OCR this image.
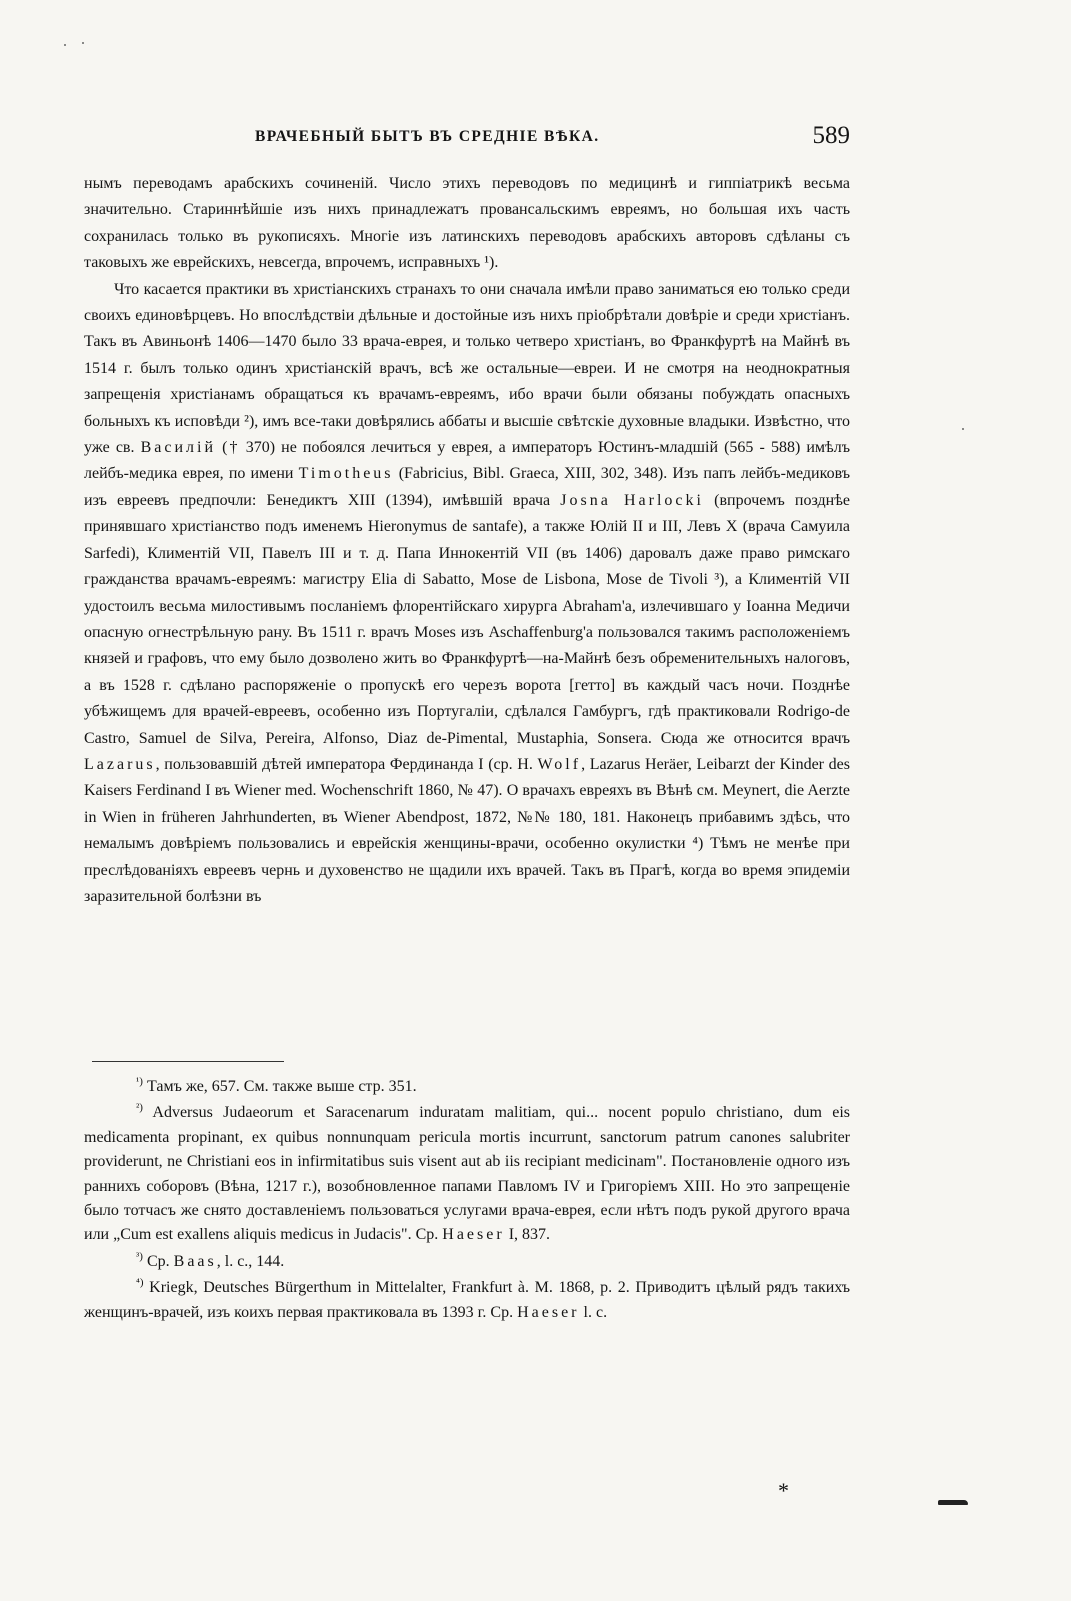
ВРАЧЕБНЫЙ БЫТЪ ВЪ СРЕДНІЕ ВѢКА.	589

нымъ переводамъ арабскихъ сочиненій. Число этихъ переводовъ по медицинѣ и гиппіатрикѣ весьма значительно. Стариннѣйшіе изъ нихъ принадлежатъ провансальскимъ евреямъ, но большая ихъ часть сохранилась только въ рукописяхъ. Многіе изъ латинскихъ переводовъ арабскихъ авторовъ сдѣланы съ таковыхъ же еврейскихъ, невсегда, впрочемъ, исправныхъ ¹).

Что касается практики въ христіанскихъ странахъ то они сначала имѣли право заниматься ею только среди своихъ единовѣрцевъ. Но впослѣдствіи дѣльные и достойные изъ нихъ пріобрѣтали довѣріе и среди христіанъ. Такъ въ Авиньонѣ 1406—1470 было 33 врача-еврея, и только четверо христіанъ, во Франкфуртѣ на Майнѣ въ 1514 г. былъ только одинъ христіанскій врачъ, всѣ же остальные—евреи. И не смотря на неоднократныя запрещенія христіанамъ обращаться къ врачамъ-евреямъ, ибо врачи были обязаны побуждать опасныхъ больныхъ къ исповѣди ²), имъ все-таки довѣрялись аббаты и высшіе свѣтскіе духовные владыки. Извѣстно, что уже св. Василій († 370) не побоялся лечиться у еврея, а императоръ Юстинъ-младшій (565 - 588) имѣлъ лейбъ-медика еврея, по имени Timotheus (Fabricius, Bibl. Graeca, XIII, 302, 348). Изъ папъ лейбъ-медиковъ изъ евреевъ предпочли: Бенедиктъ XIII (1394), имѣвшій врача Josna Harlocki (впрочемъ позднѣе принявшаго христіанство подъ именемъ Hieronymus de santafe), а также Юлій II и III, Левъ X (врача Самуила Sarfedi), Климентій VII, Павелъ III и т. д. Папа Иннокентій VII (въ 1406) даровалъ даже право римскаго гражданства врачамъ-евреямъ: магистру Elia di Sabatto, Mose de Lisbona, Mose de Tivoli ³), а Климентій VII удостоилъ весьма милостивымъ посланіемъ флорентійскаго хирурга Abraham'а, излечившаго у Іоанна Медичи опасную огнестрѣльную рану. Въ 1511 г. врачъ Moses изъ Aschaffenburg'а пользовался такимъ расположеніемъ князей и графовъ, что ему было дозволено жить во Франкфуртѣ—на-Майнѣ безъ обременительныхъ налоговъ, а въ 1528 г. сдѣлано распоряженіе о пропускѣ его черезъ ворота [гетто] въ каждый часъ ночи. Позднѣе убѣжищемъ для врачей-евреевъ, особенно изъ Португаліи, сдѣлался Гамбургъ, гдѣ практиковали Rodrigo-de Castro, Samuel de Silva, Pereira, Alfonso, Diaz de-Pimental, Mustaphia, Sonsera. Сюда же относится врачъ Lazarus, пользовавшій дѣтей императора Фердинанда I (ср. H. Wolf, Lazarus Heräer, Leibarzt der Kinder des Kaisers Ferdinand I въ Wiener med. Wochenschrift 1860, № 47). О врачахъ евреяхъ въ Вѣнѣ см. Meynert, die Aerzte in Wien in früheren Jahrhunderten, въ Wiener Abendpost, 1872, №№ 180, 181. Наконецъ прибавимъ здѣсь, что немалымъ довѣріемъ пользовались и еврейскія женщины-врачи, особенно окулистки ⁴) Тѣмъ не менѣе при преслѣдованіяхъ евреевъ чернь и духовенство не щадили ихъ врачей. Такъ въ Прагѣ, когда во время эпидеміи заразительной болѣзни въ

$^{^1)}$ Тамъ же, 657. См. также выше стр. 351.

$^{^2)}$ Adversus Judaeorum et Saracenarum induratam malitiam, qui... nocent populo christiano, dum eis medicamenta propinant, ex quibus nonnunquam pericula mortis incurrunt, sanctorum patrum canones salubriter providerunt, ne Christiani eos in infirmitatibus suis visent aut ab iis recipiant medicinam". Постановленіе одного изъ раннихъ соборовъ (Вѣна, 1217 г.), возобновленное папами Павломъ IV и Григоріемъ XIII. Но это запрещеніе было тотчасъ же снято доставленіемъ пользоваться услугами врача-еврея, если нѣтъ подъ рукой другого врача или „Cum est exallens aliquis medicus in Judacis". Ср. Haeser I, 837.

$^{^3)}$ Ср. Baas, l. c., 144.

$^{^4)}$ Kriegk, Deutsches Bürgerthum in Mittelalter, Frankfurt à. M. 1868, p. 2. Приводитъ цѣлый рядъ такихъ женщинъ-врачей, изъ коихъ первая практиковала въ 1393 г. Ср. Haeser l. c.

*
